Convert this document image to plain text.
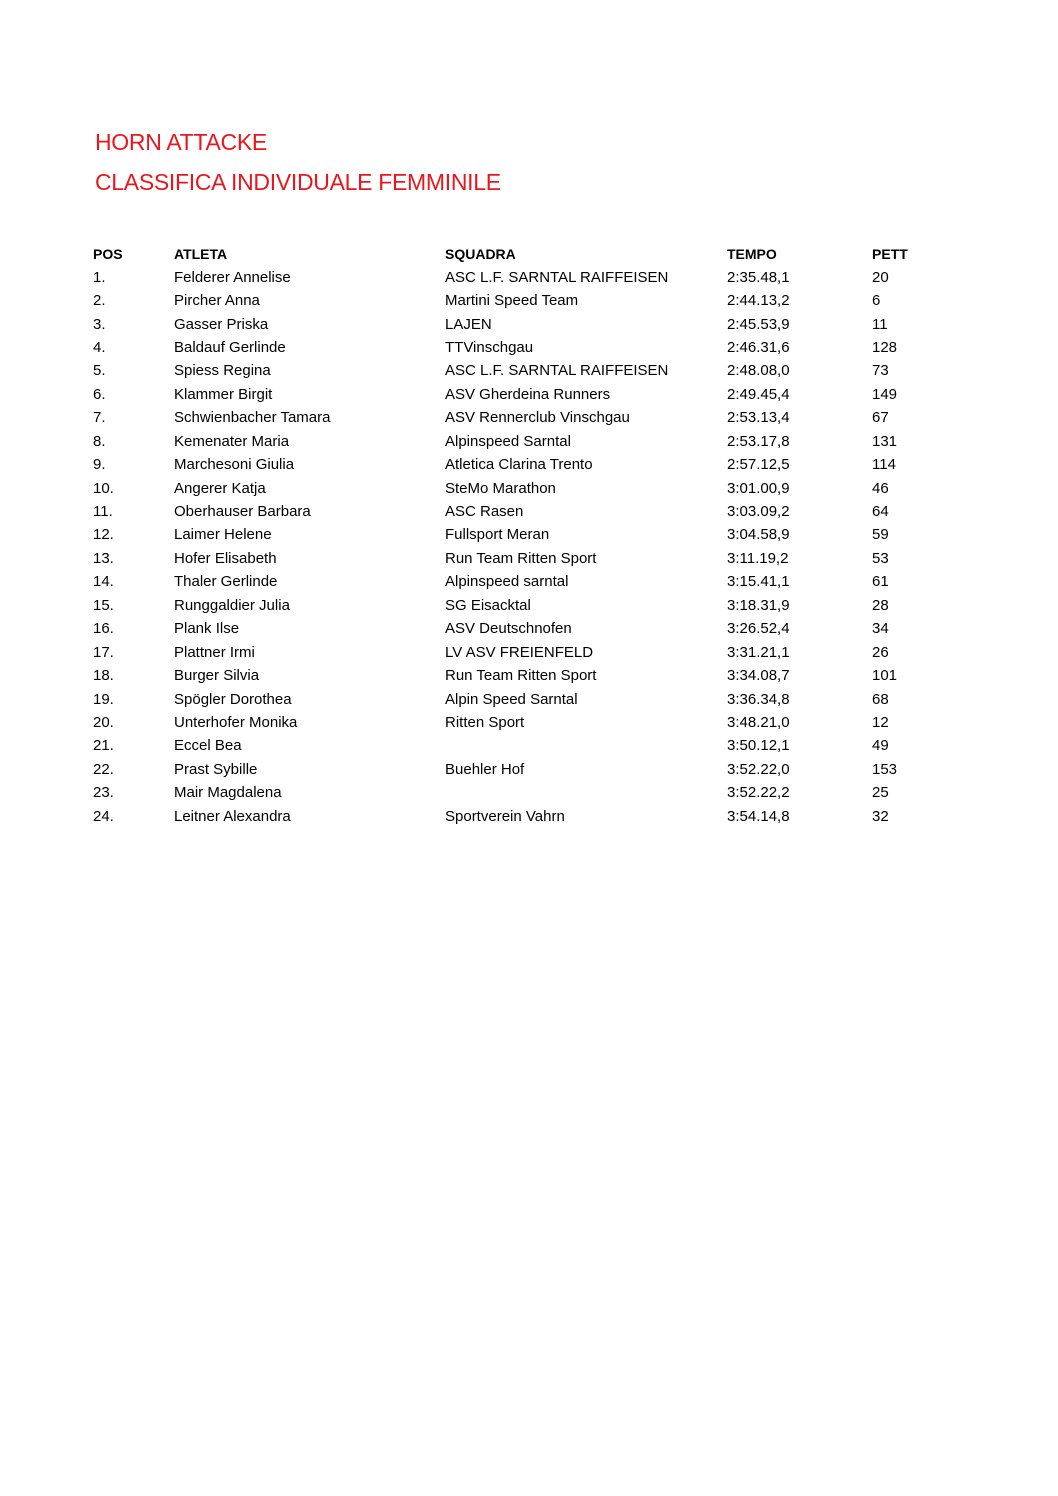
HORN ATTACKE
CLASSIFICA INDIVIDUALE FEMMINILE
POS	ATLETA	SQUADRA	TEMPO	PETT
1.	Felderer Annelise	ASC L.F. SARNTAL RAIFFEISEN	2:35.48,1	20
2.	Pircher Anna	Martini Speed Team	2:44.13,2	6
3.	Gasser Priska	LAJEN	2:45.53,9	11
4.	Baldauf Gerlinde	TTVinschgau	2:46.31,6	128
5.	Spiess Regina	ASC L.F. SARNTAL RAIFFEISEN	2:48.08,0	73
6.	Klammer Birgit	ASV Gherdeina Runners	2:49.45,4	149
7.	Schwienbacher Tamara	ASV Rennerclub Vinschgau	2:53.13,4	67
8.	Kemenater Maria	Alpinspeed Sarntal	2:53.17,8	131
9.	Marchesoni Giulia	Atletica Clarina Trento	2:57.12,5	114
10.	Angerer Katja	SteMo Marathon	3:01.00,9	46
11.	Oberhauser Barbara	ASC Rasen	3:03.09,2	64
12.	Laimer Helene	Fullsport Meran	3:04.58,9	59
13.	Hofer Elisabeth	Run Team Ritten Sport	3:11.19,2	53
14.	Thaler Gerlinde	Alpinspeed sarntal	3:15.41,1	61
15.	Runggaldier Julia	SG Eisacktal	3:18.31,9	28
16.	Plank Ilse	ASV Deutschnofen	3:26.52,4	34
17.	Plattner Irmi	LV ASV FREIENFELD	3:31.21,1	26
18.	Burger Silvia	Run Team Ritten Sport	3:34.08,7	101
19.	Spögler Dorothea	Alpin Speed Sarntal	3:36.34,8	68
20.	Unterhofer Monika	Ritten Sport	3:48.21,0	12
21.	Eccel Bea		3:50.12,1	49
22.	Prast Sybille	Buehler Hof	3:52.22,0	153
23.	Mair Magdalena		3:52.22,2	25
24.	Leitner Alexandra	Sportverein Vahrn	3:54.14,8	32
